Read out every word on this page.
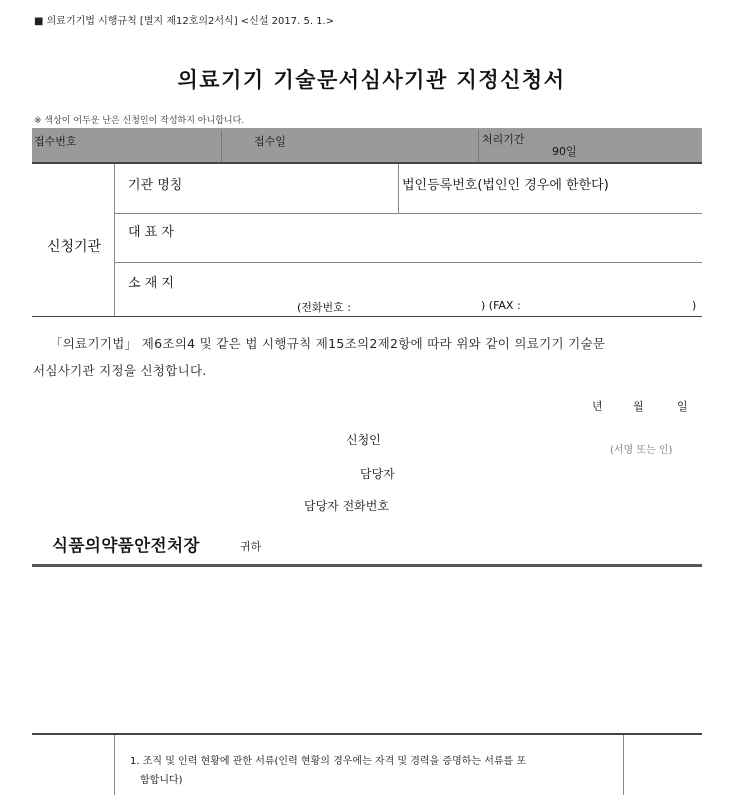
■ 의료기기법 시행규칙 [별지 제12호의2서식] <신설 2017. 5. 1.>
의료기기 기술문서심사기관 지정신청서
※ 색상이 어두운 난은 신청인이 작성하지 아니합니다.
접수번호	접수일	처리기간
90일
신청기관
기관 명칭	법인등록번호(법인인 경우에 한한다)
대 표 자
소 재 지
(전화번호 :	) (FAX :	)
「의료기기법」 제6조의4 및 같은 법 시행규칙 제15조의2제2항에 따라 위와 같이 의료기기 기술문
서심사기관 지정을 신청합니다.
년	월	일
신청인
(서명 또는 인)
담당자
담당자 전화번호
식품의약품안전처장	귀하
1. 조직 및 인력 현황에 관한 서류(인력 현황의 경우에는 자격 및 경력을 증명하는 서류를 포
함합니다)
